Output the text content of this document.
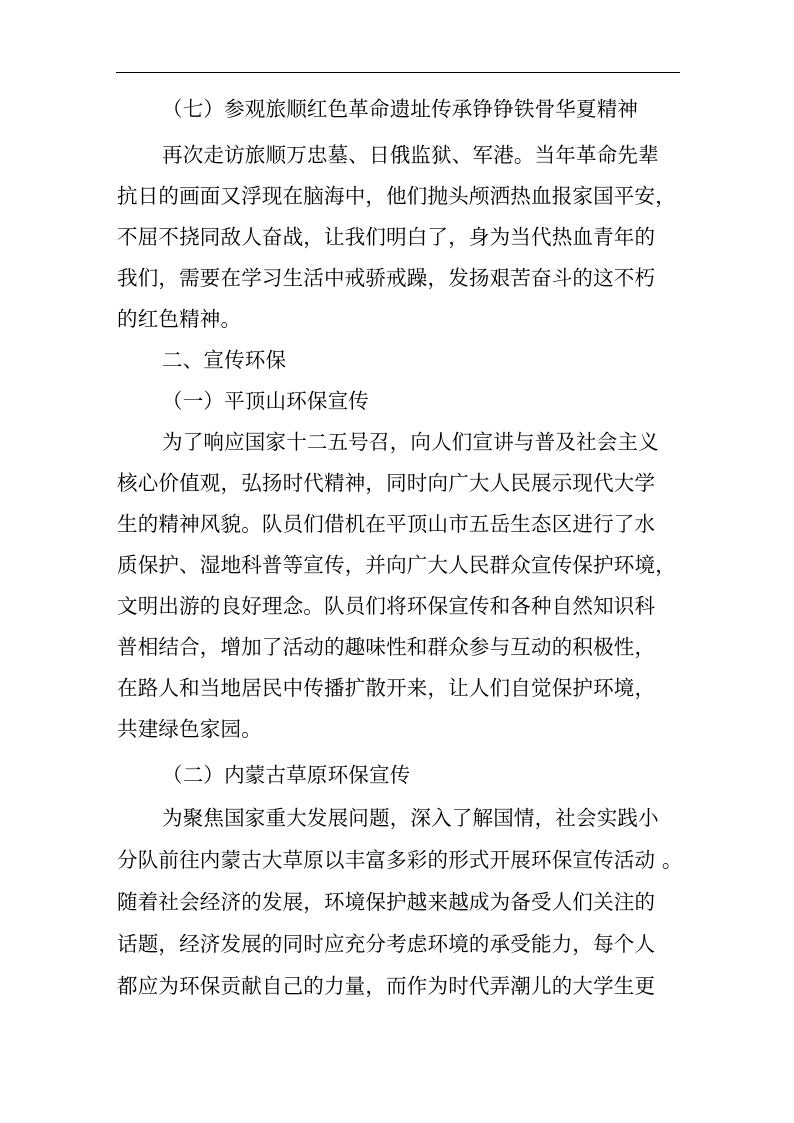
（七）参观旅顺红色革命遗址传承铮铮铁骨华夏精神
再次走访旅顺万忠墓、日俄监狱、军港。当年革命先辈
抗日的画面又浮现在脑海中，他们抛头颅洒热血报家国平安，
不屈不挠同敌人奋战，让我们明白了，身为当代热血青年的
我们，需要在学习生活中戒骄戒躁，发扬艰苦奋斗的这不朽
的红色精神。
二、宣传环保
（一）平顶山环保宣传
为了响应国家十二五号召，向人们宣讲与普及社会主义
核心价值观，弘扬时代精神，同时向广大人民展示现代大学
生的精神风貌。队员们借机在平顶山市五岳生态区进行了水
质保护、湿地科普等宣传，并向广大人民群众宣传保护环境，
文明出游的良好理念。队员们将环保宣传和各种自然知识科
普相结合，增加了活动的趣味性和群众参与互动的积极性，
在路人和当地居民中传播扩散开来，让人们自觉保护环境，
共建绿色家园。
（二）内蒙古草原环保宣传
为聚焦国家重大发展问题，深入了解国情，社会实践小
分队前往内蒙古大草原以丰富多彩的形式开展环保宣传活动 。
随着社会经济的发展，环境保护越来越成为备受人们关注的
话题，经济发展的同时应充分考虑环境的承受能力，每个人
都应为环保贡献自己的力量，而作为时代弄潮儿的大学生更
